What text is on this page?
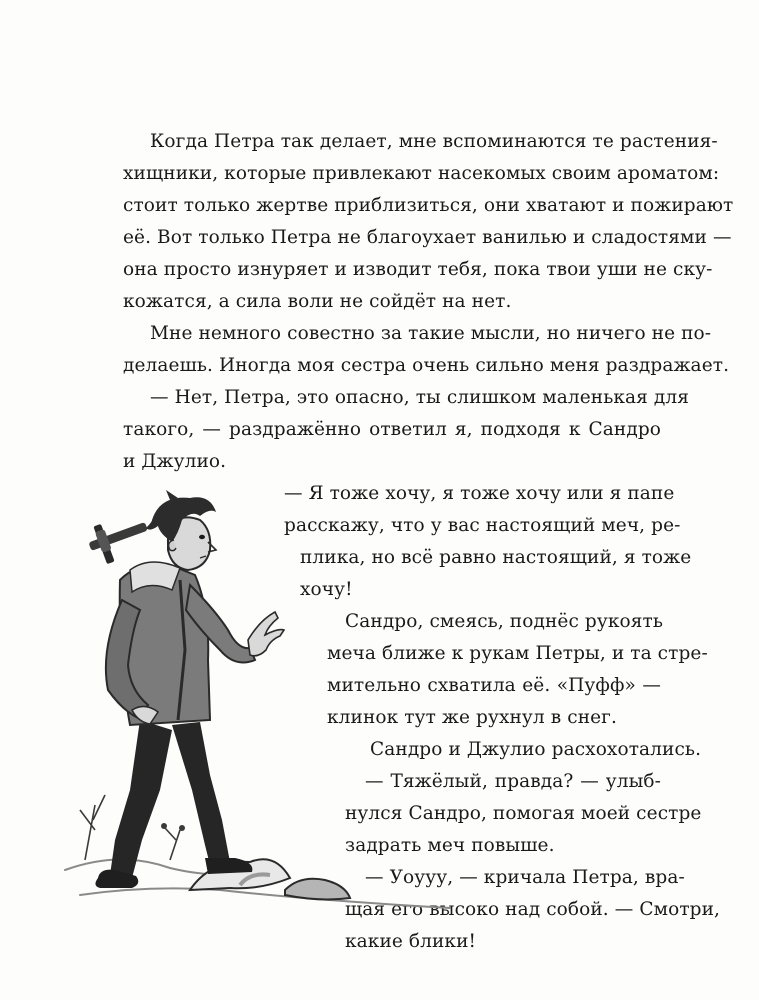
Когда Петра так делает, мне вспоминаются те растения-
хищники, которые привлекают насекомых своим ароматом:
стоит только жертве приблизиться, они хватают и пожирают
её. Вот только Петра не благоухает ванилью и сладостями —
она просто изнуряет и изводит тебя, пока твои уши не ску-
кожатся, а сила воли не сойдёт на нет.
Мне немного совестно за такие мысли, но ничего не по-
делаешь. Иногда моя сестра очень сильно меня раздражает.
— Нет, Петра, это опасно, ты слишком маленькая для
такого, — раздражённо ответил я, подходя к Сандро
и Джулио.
— Я тоже хочу, я тоже хочу или я папе
расскажу, что у вас настоящий меч, ре-
плика, но всё равно настоящий, я тоже
хочу!
Сандро, смеясь, поднёс рукоять
меча ближе к рукам Петры, и та стре-
мительно схватила её. «Пуфф» —
клинок тут же рухнул в снег.
Сандро и Джулио расхохотались.
— Тяжёлый, правда? — улыб-
нулся Сандро, помогая моей сестре
задрать меч повыше.
— Уоууу, — кричала Петра, вра-
щая его высоко над собой. — Смотри,
какие блики!
